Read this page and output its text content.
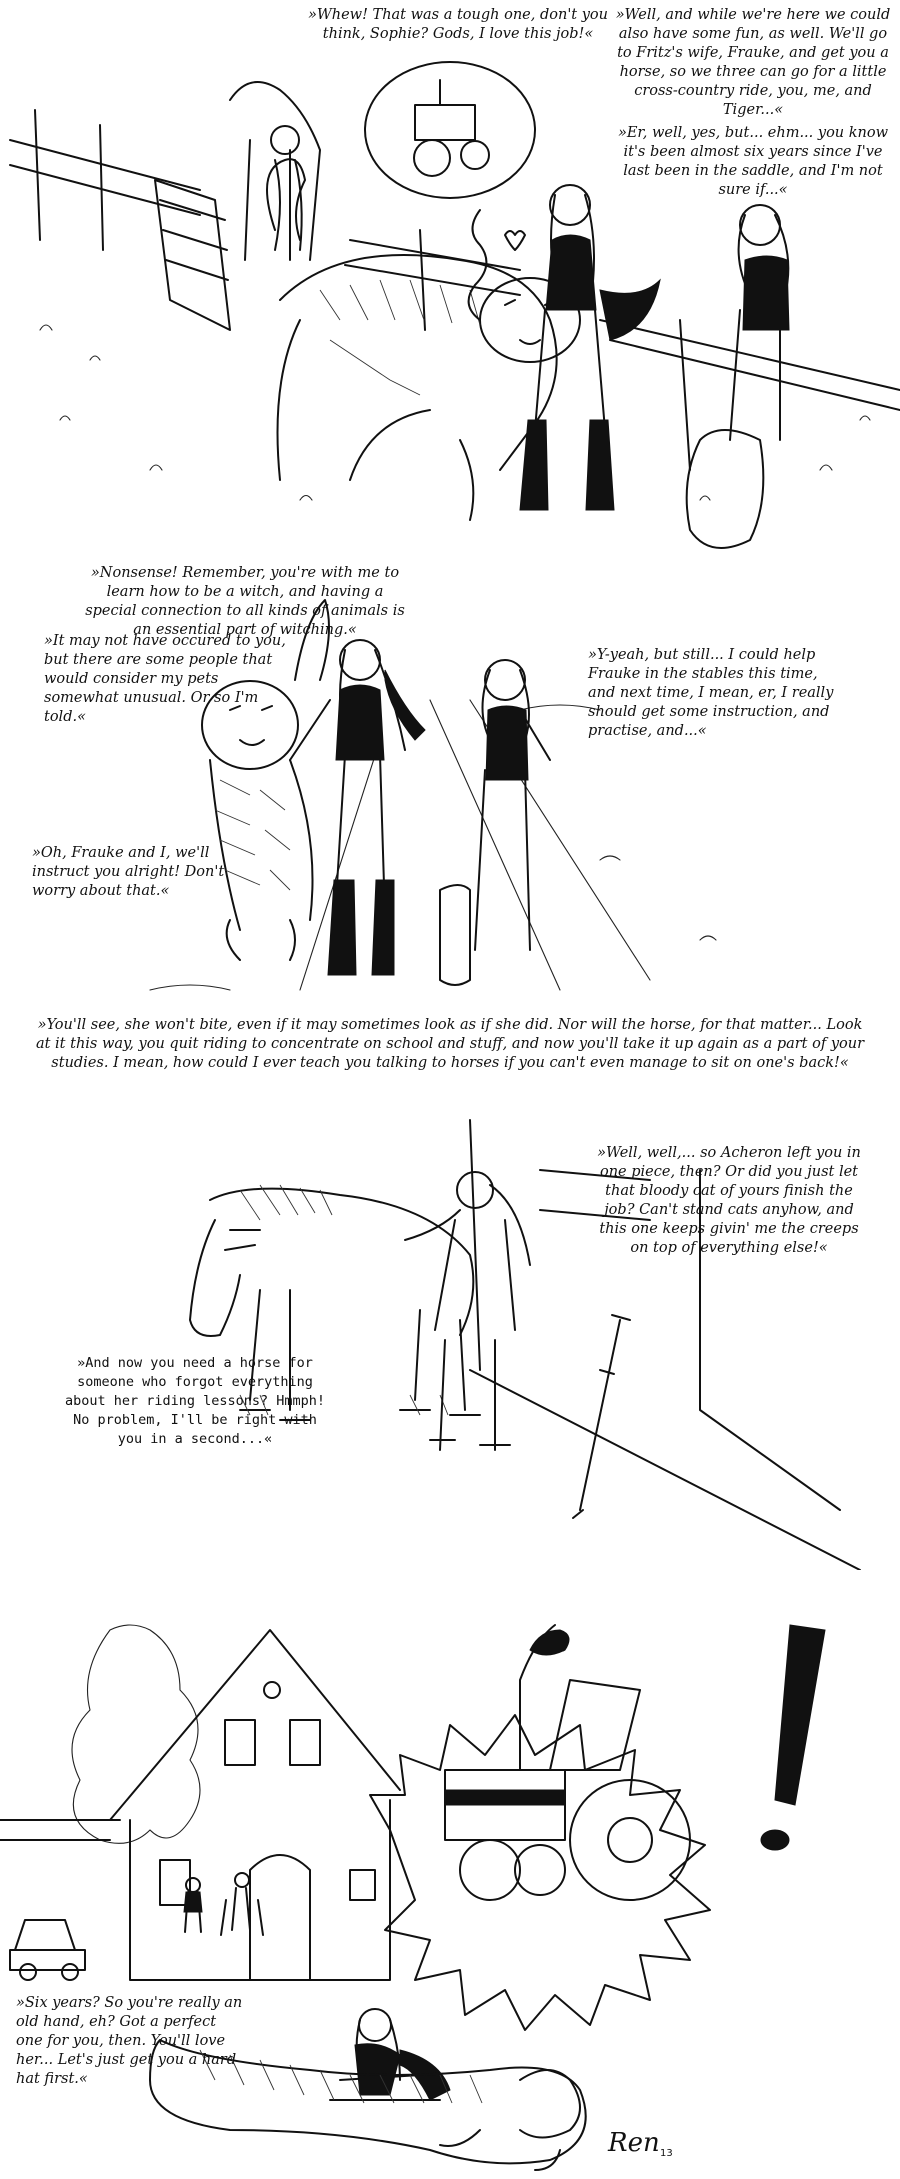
»Whew! That was a tough one, don't you think, Sophie? Gods, I love this job!«

»Well, and while we're here we could also have some fun, as well. We'll go to Fritz's wife, Frauke, and get you a horse, so we three can go for a little cross-country ride, you, me, and Tiger...«

»Er, well, yes, but... ehm... you know it's been almost six years since I've last been in the saddle, and I'm not sure if...«

»Nonsense! Remember, you're with me to learn how to be a witch, and having a special connection to all kinds of animals is an essential part of witching.«

»It may not have occured to you, but there are some people that would consider my pets somewhat unusual. Or so I'm told.«

»Y-yeah, but still... I could help Frauke in the stables this time, and next time, I mean, er, I really should get some instruction, and practise, and...«

»Oh, Frauke and I, we'll instruct you alright! Don't worry about that.«

»You'll see, she won't bite, even if it may sometimes look as if she did. Nor will the horse, for that matter... Look at it this way, you quit riding to concentrate on school and stuff, and now you'll take it up again as a part of your studies. I mean, how could I ever teach you talking to horses if you can't even manage to sit on one's back!«

»Well, well,... so Acheron left you in one piece, then? Or did you just let that bloody cat of yours finish the job? Can't stand cats anyhow, and this one keeps givin' me the creeps on top of everything else!«

»And now you need a horse for someone who forgot everything about her riding lessons? Hmmph! No problem, I'll be right with you in a second...«

»Six years? So you're really an old hand, eh? Got a perfect one for you, then. You'll love her... Let's just get you a hard hat first.«

Ren 13
